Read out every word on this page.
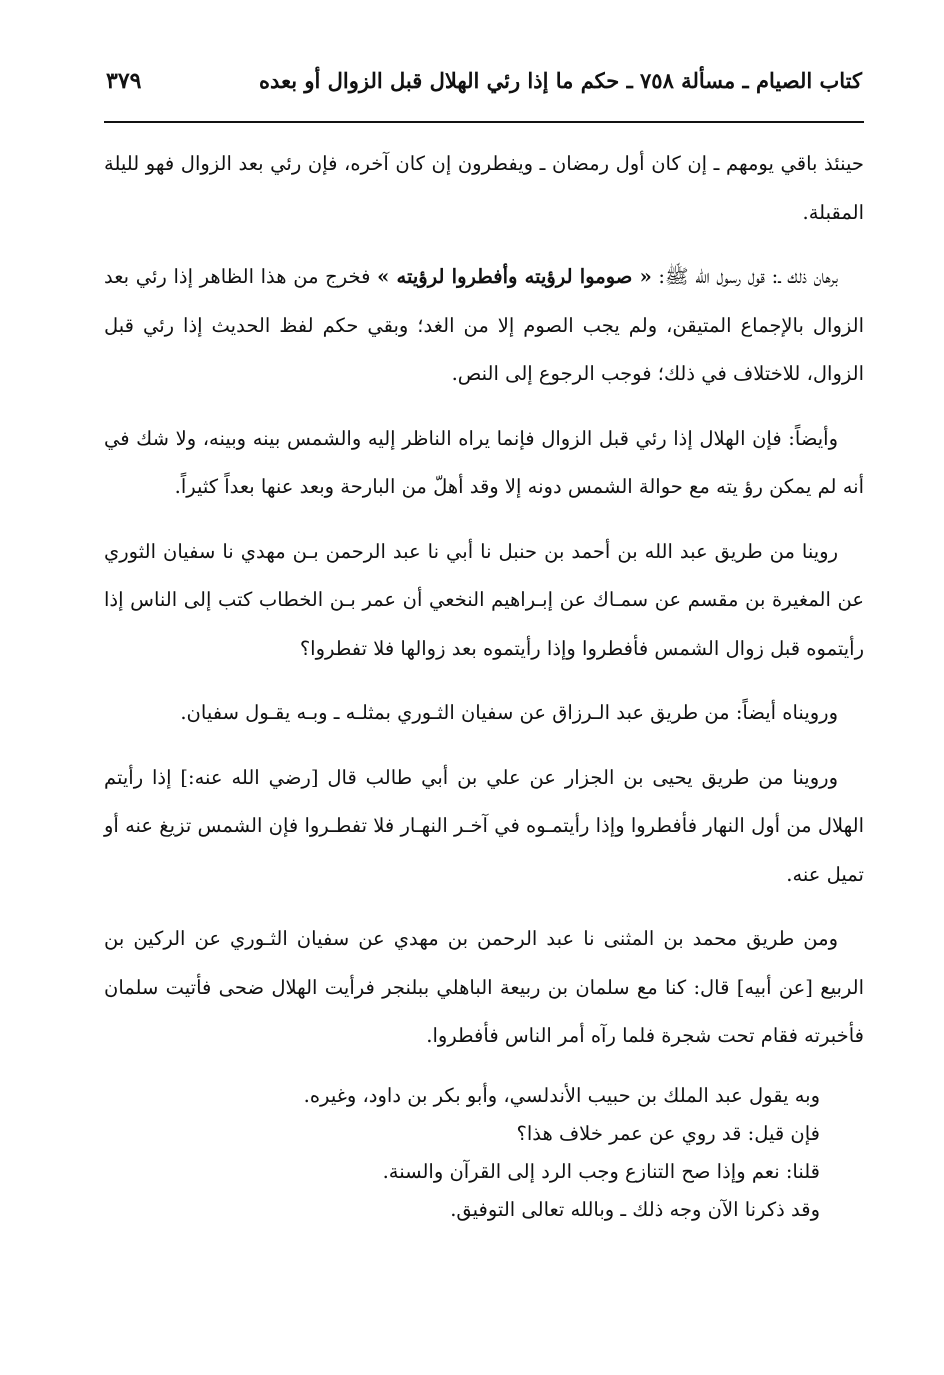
كتاب الصيام ـ مسألة ٧٥٨ ـ حكم ما إذا رئي الهلال قبل الزوال أو بعده
٣٧٩

حينئذ باقي يومهم ـ إن كان أول رمضان ـ ويفطرون إن كان آخره، فإن رئي بعد الزوال فهو لليلة المقبلة.

برهان ذلك ـ: قول رسول الله ﷺ: « صوموا لرؤيته وأفطروا لرؤيته » فخرج من هذا الظاهر إذا رئي بعد الزوال بالإجماع المتيقن، ولم يجب الصوم إلا من الغد؛ وبقي حكم لفظ الحديث إذا رئي قبل الزوال، للاختلاف في ذلك؛ فوجب الرجوع إلى النص.

وأيضاً: فإن الهلال إذا رئي قبل الزوال فإنما يراه الناظر إليه والشمس بينه وبينه، ولا شك في أنه لم يمكن رؤ يته مع حوالة الشمس دونه إلا وقد أهلّ من البارحة وبعد عنها بعداً كثيراً.

روينا من طريق عبد الله بن أحمد بن حنبل نا أبي نا عبد الرحمن بـن مهدي نا سفيان الثوري عن المغيرة بن مقسم عن سمـاك عن إبـراهيم النخعي أن عمر بـن الخطاب كتب إلى الناس إذا رأيتموه قبل زوال الشمس فأفطروا وإذا رأيتموه بعد زوالها فلا تفطروا؟

ورويناه أيضاً: من طريق عبد الـرزاق عن سفيان الثـوري بمثلـه ـ وبـه يقـول سفيان.

وروينا من طريق يحيى بن الجزار عن علي بن أبي طالب قال [رضي الله عنه:] إذا رأيتم الهلال من أول النهار فأفطروا وإذا رأيتمـوه في آخـر النهـار فلا تفطـروا فإن الشمس تزيغ عنه أو تميل عنه.

ومن طريق محمد بن المثنى نا عبد الرحمن بن مهدي عن سفيان الثـوري عن الركين بن الربيع [عن أبيه] قال: كنا مع سلمان بن ربيعة الباهلي ببلنجر فرأيت الهلال ضحى فأتيت سلمان فأخبرته فقام تحت شجرة فلما رآه أمر الناس فأفطروا.

وبه يقول عبد الملك بن حبيب الأندلسي، وأبو بكر بن داود، وغيره.

فإن قيل: قد روي عن عمر خلاف هذا؟

قلنا: نعم وإذا صح التنازع وجب الرد إلى القرآن والسنة.

وقد ذكرنا الآن وجه ذلك ـ وبالله تعالى التوفيق.
